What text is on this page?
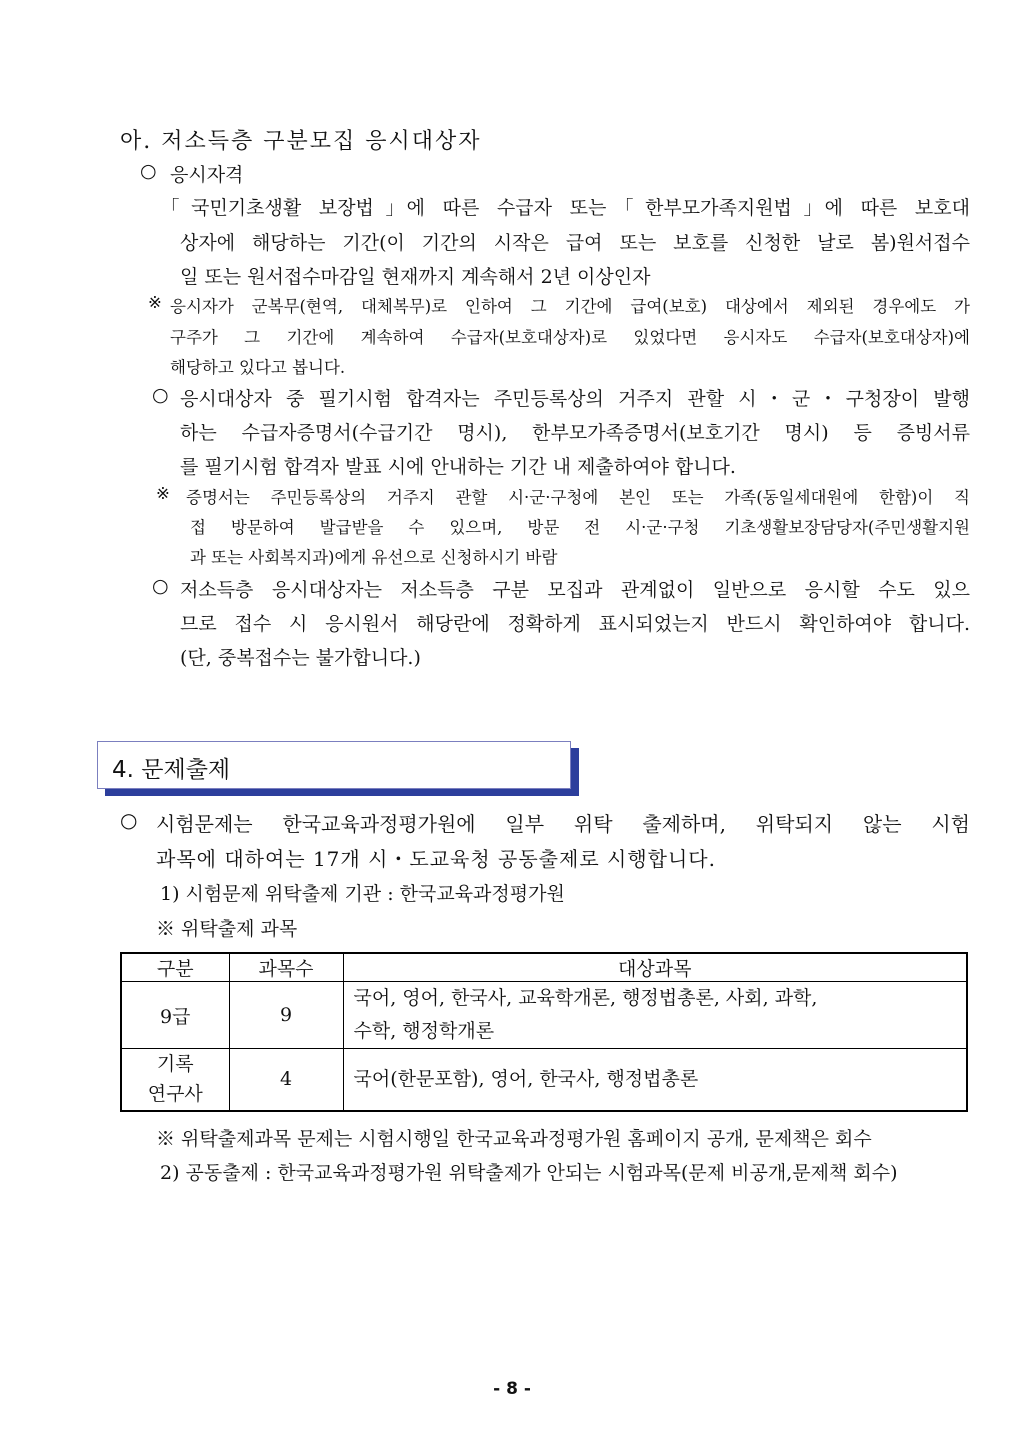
아. 저소득층 구분모집 응시대상자
○ 응시자격
｢국민기초생활 보장법｣에 따른 수급자 또는 ｢한부모가족지원법｣에 따른 보호대
상자에 해당하는 기간(이 기간의 시작은 급여 또는 보호를 신청한 날로 봄)원서접수
일 또는 원서접수마감일 현재까지 계속해서 2년 이상인자
※ 응시자가 군복무(현역, 대체복무)로 인하여 그 기간에 급여(보호) 대상에서 제외된 경우에도 가
구주가 그 기간에 계속하여 수급자(보호대상자)로 있었다면 응시자도 수급자(보호대상자)에
해당하고 있다고 봅니다.
○ 응시대상자 중 필기시험 합격자는 주민등록상의 거주지 관할 시・군・구청장이 발행
하는 수급자증명서(수급기간 명시), 한부모가족증명서(보호기간 명시) 등 증빙서류
를 필기시험 합격자 발표 시에 안내하는 기간 내 제출하여야 합니다.
※ 증명서는 주민등록상의 거주지 관할 시·군·구청에 본인 또는 가족(동일세대원에 한함)이 직
접 방문하여 발급받을 수 있으며, 방문 전 시·군·구청 기초생활보장담당자(주민생활지원
과 또는 사회복지과)에게 유선으로 신청하시기 바람
○ 저소득층 응시대상자는 저소득층 구분 모집과 관계없이 일반으로 응시할 수도 있으
므로 접수 시 응시원서 해당란에 정확하게 표시되었는지 반드시 확인하여야 합니다.
(단, 중복접수는 불가합니다.)
4. 문제출제
○ 시험문제는 한국교육과정평가원에 일부 위탁 출제하며, 위탁되지 않는 시험
과목에 대하여는 17개 시・도교육청 공동출제로 시행합니다.
1) 시험문제 위탁출제 기관 : 한국교육과정평가원
※ 위탁출제 과목
구분	과목수	대상과목
9급	9	국어, 영어, 한국사, 교육학개론, 행정법총론, 사회, 과학,
수학, 행정학개론

기록
연구사	4	국어(한문포함), 영어, 한국사, 행정법총론
※ 위탁출제과목 문제는 시험시행일 한국교육과정평가원 홈페이지 공개, 문제책은 회수
2) 공동출제 : 한국교육과정평가원 위탁출제가 안되는 시험과목(문제 비공개,문제책 회수)
- 8 -
